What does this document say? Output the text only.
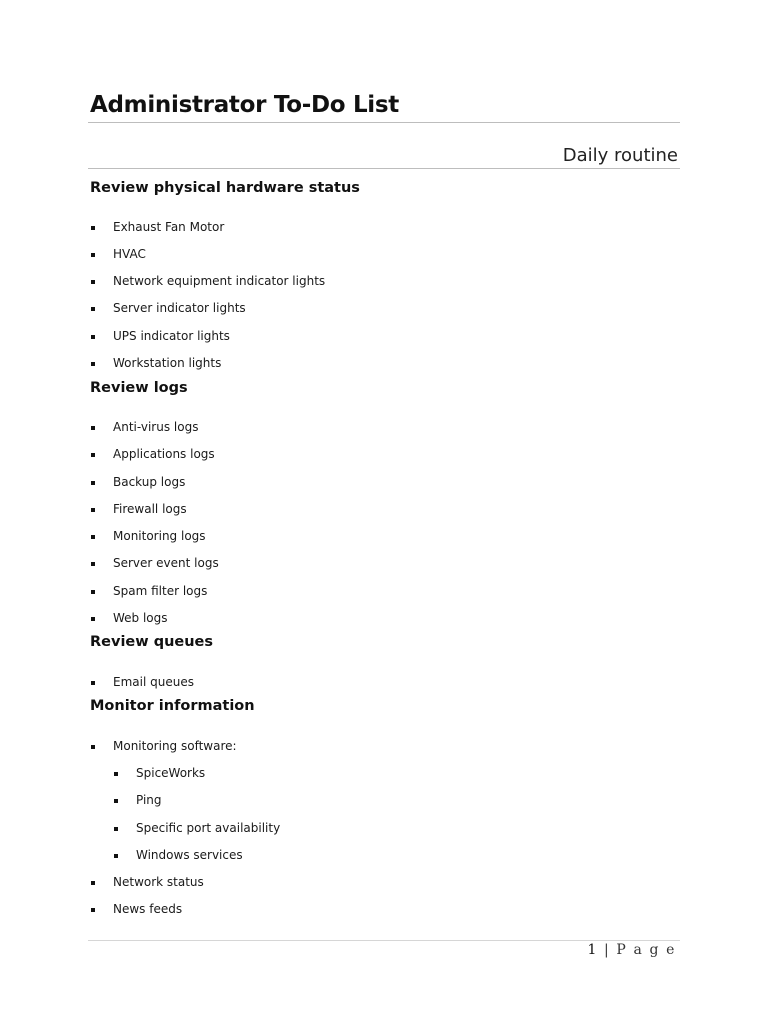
Administrator To-Do List
Daily routine
Review physical hardware status
Exhaust Fan Motor
HVAC
Network equipment indicator lights
Server indicator lights
UPS indicator lights
Workstation lights
Review logs
Anti-virus logs
Applications logs
Backup logs
Firewall logs
Monitoring logs
Server event logs
Spam filter logs
Web logs
Review queues
Email queues
Monitor information
Monitoring software:
SpiceWorks
Ping
Specific port availability
Windows services
Network status
News feeds
1 | P a g e
